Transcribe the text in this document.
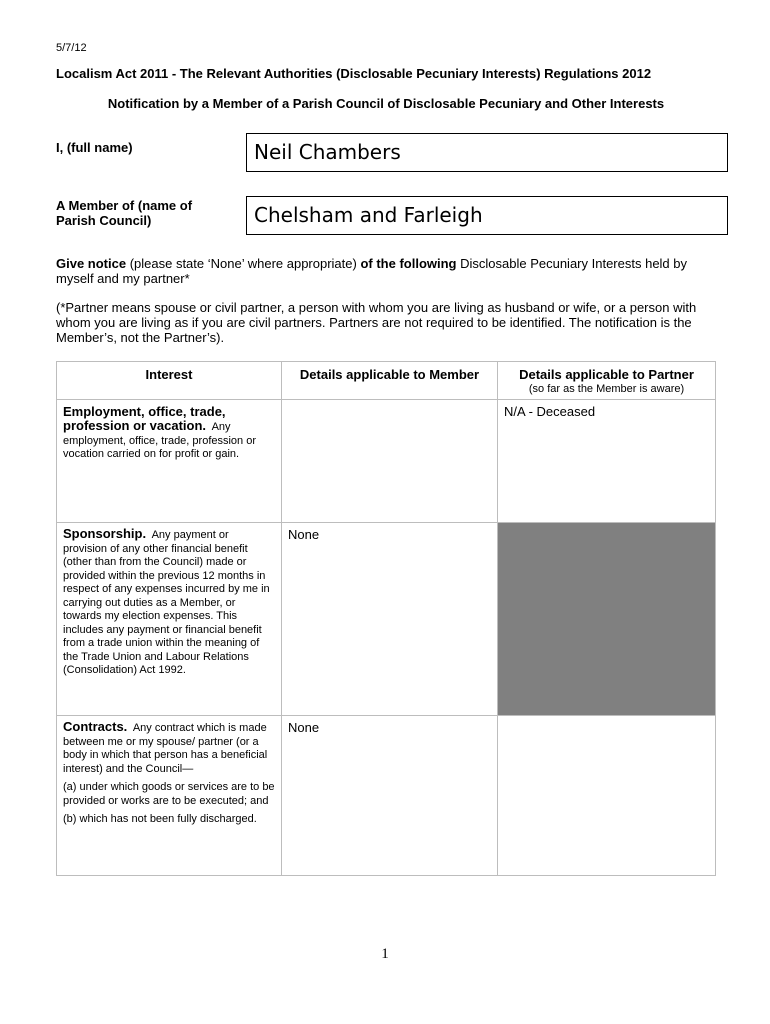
5/7/12
Localism Act 2011 - The Relevant Authorities (Disclosable Pecuniary Interests) Regulations 2012
Notification by a Member of a Parish Council of Disclosable Pecuniary and Other Interests
I, (full name)	Neil Chambers
A Member of (name of
Parish Council)	Chelsham and Farleigh
Give notice (please state ‘None’ where appropriate) of the following Disclosable Pecuniary Interests held by myself and my partner*
(*Partner means spouse or civil partner, a person with whom you are living as husband or wife, or a person with whom you are living as if you are civil partners. Partners are not required to be identified. The notification is the Member’s, not the Partner’s).
Interest	Details applicable to Member	Details applicable to Partner
(so far as the Member is aware)

Employment, office, trade,
profession or vacation. Any
employment, office, trade, profession or vocation carried on for profit or gain.		N/A - Deceased
Sponsorship. Any payment or provision of any other financial benefit (other than from the Council) made or provided within the previous 12 months in respect of any expenses incurred by me in carrying out duties as a Member, or towards my election expenses. This includes any payment or financial benefit from a trade union within the meaning of the Trade Union and Labour Relations (Consolidation) Act 1992.	None	

Contracts. Any contract which is made between me or my spouse/ partner (or a body in which that person has a beneficial interest) and the Council—

(a) under which goods or services are to be provided or works are to be executed; and

(b) which has not been fully discharged.	None	
1
